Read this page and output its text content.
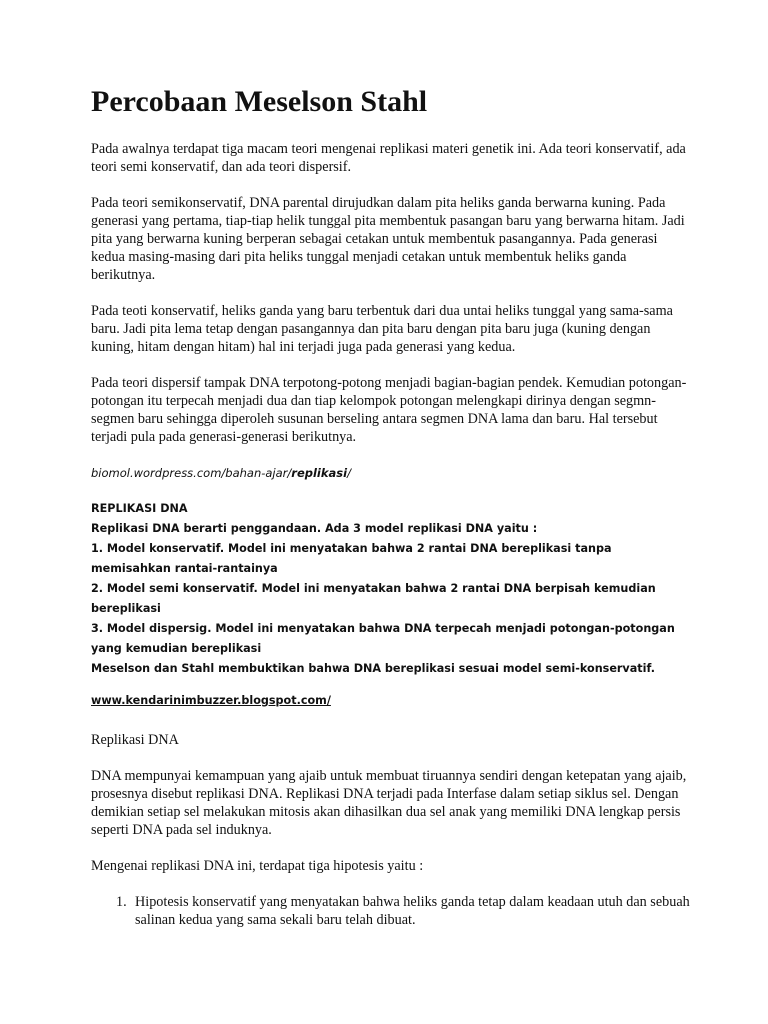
Percobaan Meselson Stahl

Pada awalnya terdapat tiga macam teori mengenai replikasi materi genetik ini. Ada teori konservatif, ada teori semi konservatif, dan ada teori dispersif.

Pada teori semikonservatif, DNA parental dirujudkan dalam pita heliks ganda berwarna kuning. Pada generasi yang pertama, tiap-tiap helik tunggal pita membentuk pasangan baru yang berwarna hitam. Jadi pita yang berwarna kuning berperan sebagai cetakan untuk membentuk pasangannya. Pada generasi kedua masing-masing dari pita heliks tunggal menjadi cetakan untuk membentuk heliks ganda berikutnya.

Pada teoti konservatif, heliks ganda yang baru terbentuk dari dua untai heliks tunggal yang sama-sama baru. Jadi pita lema tetap dengan pasangannya dan pita baru dengan pita baru juga (kuning dengan kuning, hitam dengan hitam) hal ini terjadi juga pada generasi yang kedua.

Pada teori dispersif tampak DNA terpotong-potong menjadi bagian-bagian pendek. Kemudian potongan-potongan itu terpecah menjadi dua dan tiap kelompok potongan melengkapi dirinya dengan segmn-segmen baru sehingga diperoleh susunan berseling antara segmen DNA lama dan baru. Hal tersebut terjadi pula pada generasi-generasi berikutnya.

biomol.wordpress.com/bahan-ajar/replikasi/

REPLIKASI DNA
Replikasi DNA berarti penggandaan. Ada 3 model replikasi DNA yaitu :
1. Model konservatif. Model ini menyatakan bahwa 2 rantai DNA bereplikasi tanpa memisahkan rantai-rantainya
2. Model semi konservatif. Model ini menyatakan bahwa 2 rantai DNA berpisah kemudian bereplikasi
3. Model dispersig. Model ini menyatakan bahwa DNA terpecah menjadi potongan-potongan yang kemudian bereplikasi
Meselson dan Stahl membuktikan bahwa DNA bereplikasi sesuai model semi-konservatif.
www.kendarinimbuzzer.blogspot.com/

Replikasi DNA

DNA mempunyai kemampuan yang ajaib untuk membuat tiruannya sendiri dengan ketepatan yang ajaib, prosesnya disebut replikasi DNA. Replikasi DNA terjadi pada Interfase dalam setiap siklus sel. Dengan demikian setiap sel melakukan mitosis akan dihasilkan dua sel anak yang memiliki DNA lengkap persis seperti DNA pada sel induknya.

Mengenai replikasi DNA ini, terdapat tiga hipotesis yaitu :

1. Hipotesis konservatif yang menyatakan bahwa heliks ganda tetap dalam keadaan utuh dan sebuah salinan kedua yang sama sekali baru telah dibuat.
